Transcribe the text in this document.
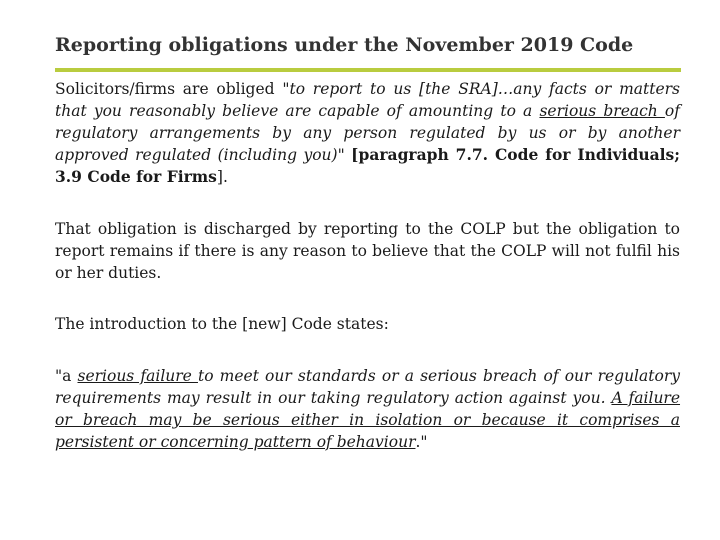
Reporting obligations under the November 2019 Code
Solicitors/firms are obliged "to report to us [the SRA]…any facts or matters that you reasonably believe are capable of amounting to a serious breach of regulatory arrangements by any person regulated by us or by another approved regulated (including you)" [paragraph 7.7. Code for Individuals; 3.9 Code for Firms].
That obligation is discharged by reporting to the COLP but the obligation to report remains if there is any reason to believe that the COLP will not fulfil his or her duties.
The introduction to the [new] Code states:
"a serious failure to meet our standards or a serious breach of our regulatory requirements may result in our taking regulatory action against you. A failure or breach may be serious either in isolation or because it comprises a persistent or concerning pattern of behaviour."
